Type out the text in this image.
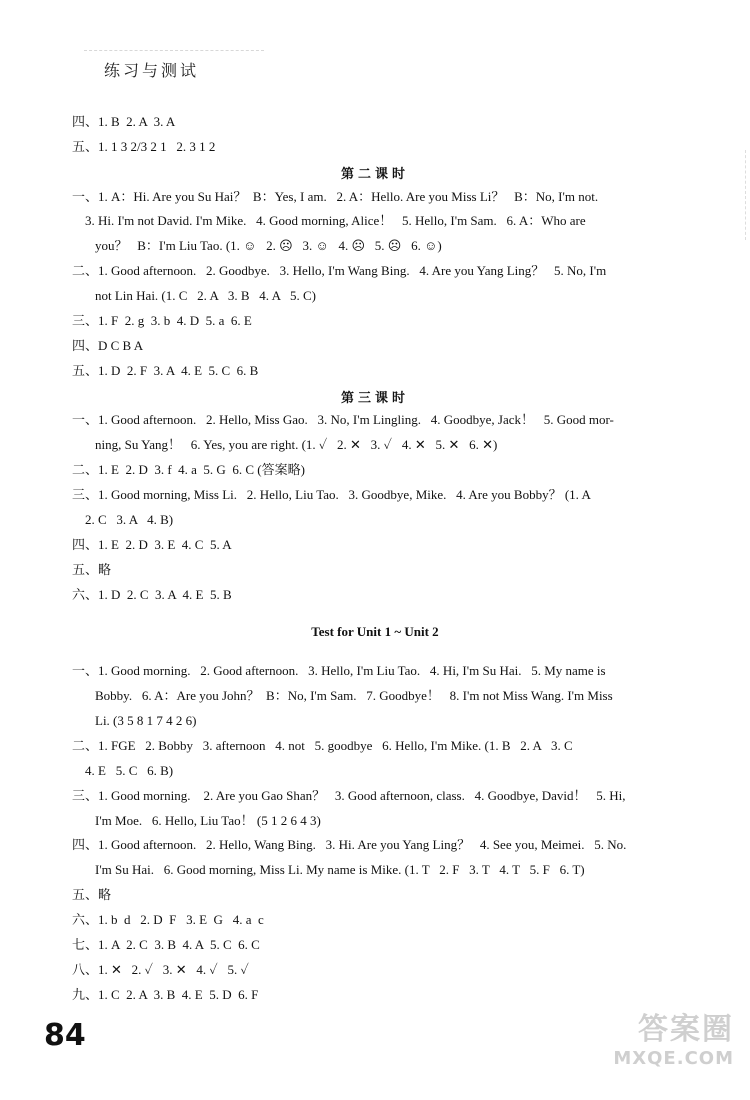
练习与测试
四、1. B  2. A  3. A
五、1. 1 3 2/3 2 1   2. 3 1 2
第二课时
一、1. A：Hi. Are you Su Hai？  B：Yes, I am.   2. A：Hello. Are you Miss Li？   B：No, I'm not.
3. Hi. I'm not David. I'm Mike.   4. Good morning, Alice！   5. Hello, I'm Sam.   6. A：Who are
you？   B：I'm Liu Tao. (1. ☺   2. ☹   3. ☺   4. ☹   5. ☹   6. ☺)
二、1. Good afternoon.   2. Goodbye.   3. Hello, I'm Wang Bing.   4. Are you Yang Ling？   5. No, I'm
not Lin Hai. (1. C   2. A   3. B   4. A   5. C)
三、1. F  2. g  3. b  4. D  5. a  6. E
四、D C B A
五、1. D  2. F  3. A  4. E  5. C  6. B
第三课时
一、1. Good afternoon.   2. Hello, Miss Gao.   3. No, I'm Lingling.   4. Goodbye, Jack！   5. Good mor-
ning, Su Yang！   6. Yes, you are right. (1. ✓   2. ✕   3. ✓   4. ✕   5. ✕   6. ✕)
二、1. E  2. D  3. f  4. a  5. G  6. C (答案略)
三、1. Good morning, Miss Li.   2. Hello, Liu Tao.   3. Goodbye, Mike.   4. Are you Bobby？ (1. A
2. C   3. A   4. B)
四、1. E  2. D  3. E  4. C  5. A
五、略
六、1. D  2. C  3. A  4. E  5. B
Test for Unit 1 ~ Unit 2
一、1. Good morning.   2. Good afternoon.   3. Hello, I'm Liu Tao.   4. Hi, I'm Su Hai.   5. My name is
Bobby.   6. A：Are you John？  B：No, I'm Sam.   7. Goodbye！   8. I'm not Miss Wang. I'm Miss
Li. (3 5 8 1 7 4 2 6)
二、1. FGE   2. Bobby   3. afternoon   4. not   5. goodbye   6. Hello, I'm Mike. (1. B   2. A   3. C
4. E   5. C   6. B)
三、1. Good morning.    2. Are you Gao Shan？   3. Good afternoon, class.   4. Goodbye, David！   5. Hi,
I'm Moe.   6. Hello, Liu Tao！ (5 1 2 6 4 3)
四、1. Good afternoon.   2. Hello, Wang Bing.   3. Hi. Are you Yang Ling？   4. See you, Meimei.   5. No.
I'm Su Hai.   6. Good morning, Miss Li. My name is Mike. (1. T   2. F   3. T   4. T   5. F   6. T)
五、略
六、1. b  d   2. D  F   3. E  G   4. a  c
七、1. A  2. C  3. B  4. A  5. C  6. C
八、1. ✕   2. ✓   3. ✕   4. ✓   5. ✓
九、1. C  2. A  3. B  4. E  5. D  6. F
84	答案圈
MXQE.COM
